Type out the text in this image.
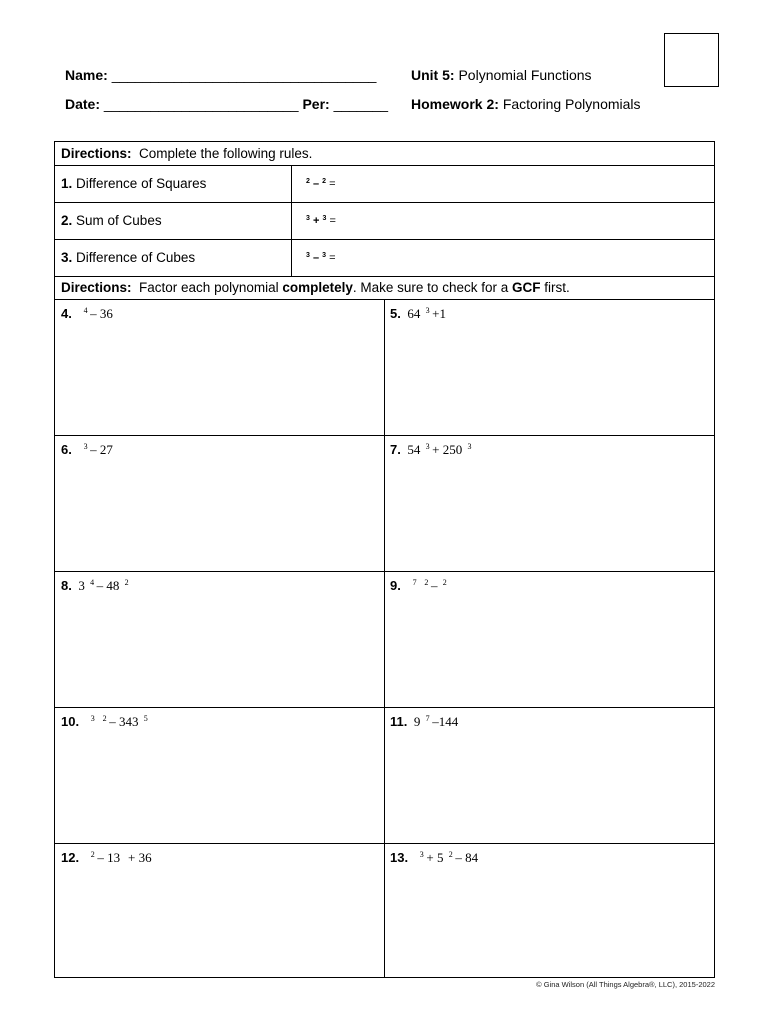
Name: __________________________________
Date: _________________________ Per: _______
Unit 5: Polynomial Functions
Homework 2: Factoring Polynomials
Directions: Complete the following rules.
1. Difference of Squares	$^2$ – $^2$ =
2. Sum of Cubes	$^3$ + $^3$ =
3. Difference of Cubes	$^3$ – $^3$ =
Directions: Factor each polynomial completely. Make sure to check for a GCF first.
4.     $^4$  – 36   	5. 64   $^3$  +1   
6.     $^3$  – 27   	7. 54   $^3$  + 250   $^3$ 
8. 3   $^4$  – 48   $^2$ 	9.     $^7$    $^2$  –   $^2$ 
10.     $^3$    $^2$  – 343   $^5$ 	11. 9   $^7$  –144   
12.     $^2$  – 13    + 36   	13.     $^3$  + 5   $^2$  – 84   
© Gina Wilson (All Things Algebra®, LLC), 2015-2022
